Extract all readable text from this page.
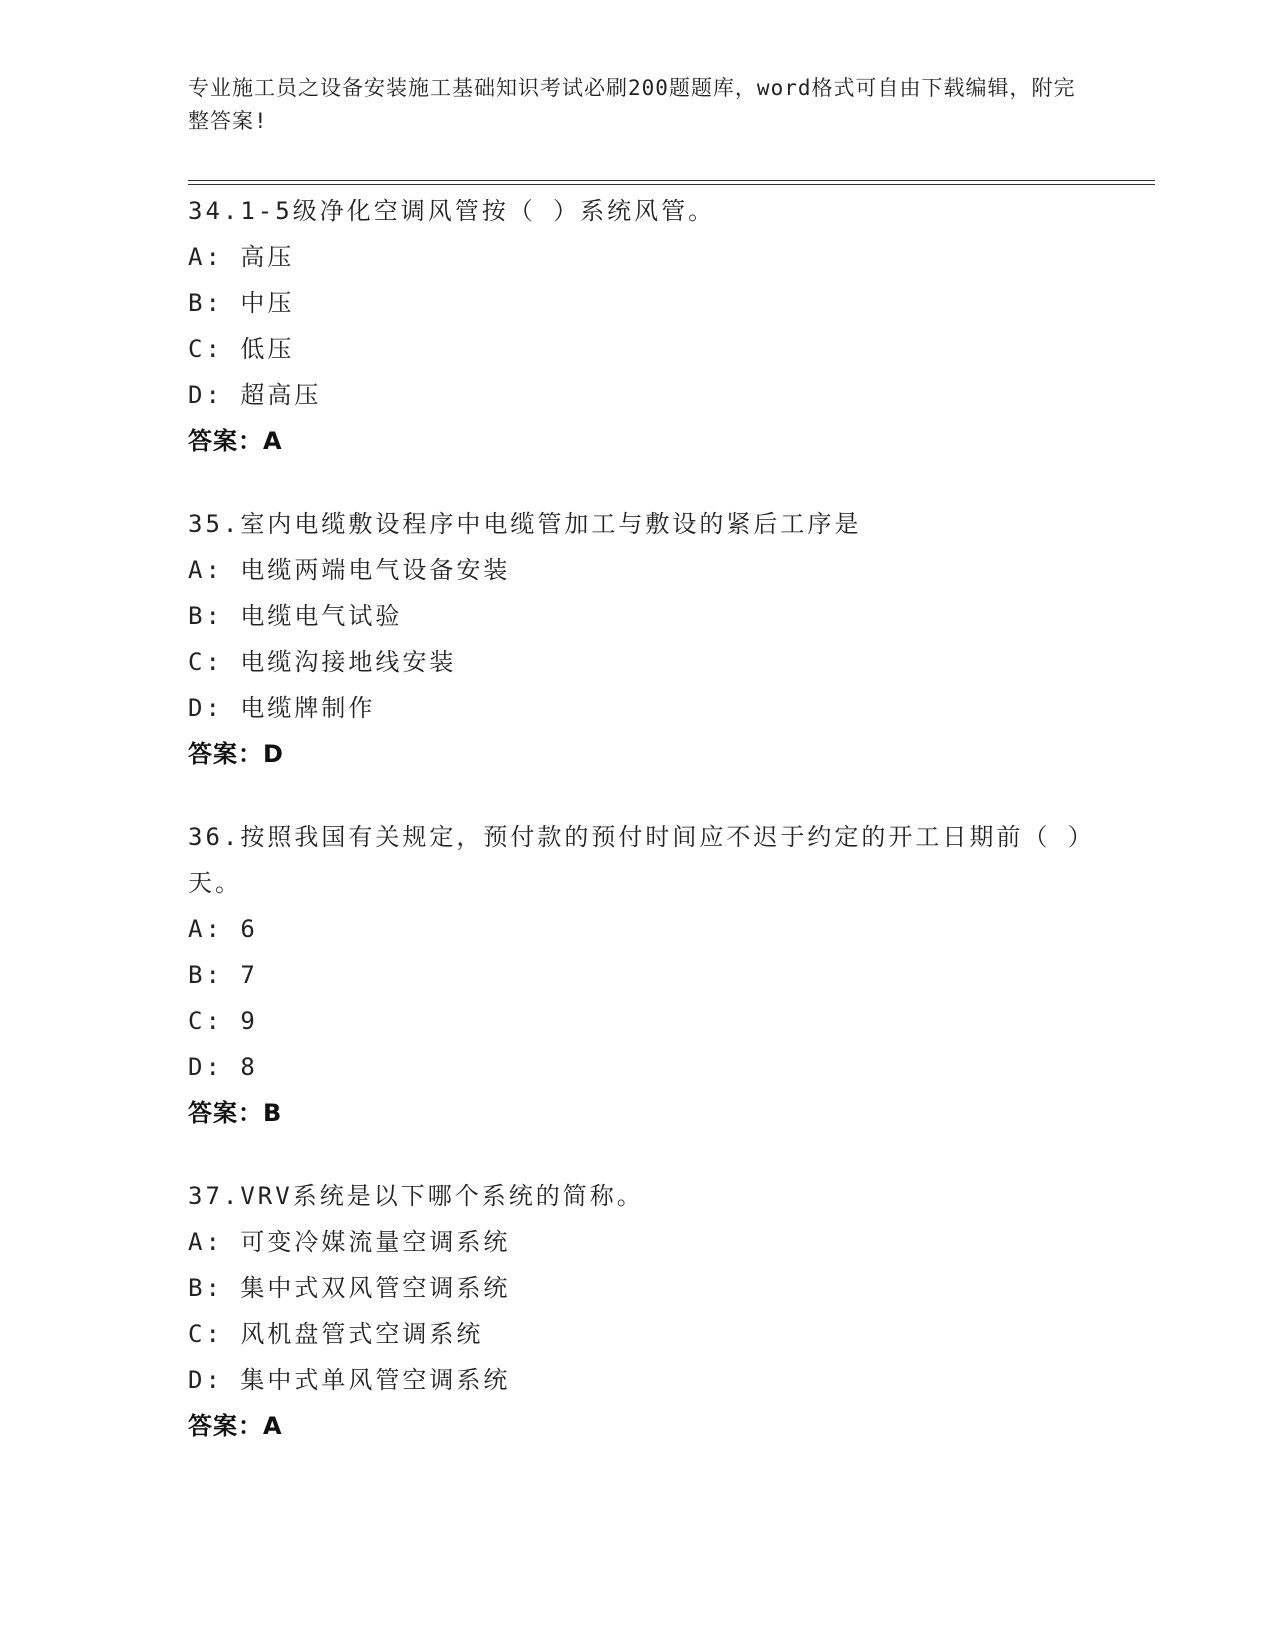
专业施工员之设备安装施工基础知识考试必刷200题题库，word格式可自由下载编辑，附完整答案!
34.1-5级净化空调风管按（ ）系统风管。
A: 高压
B: 中压
C: 低压
D: 超高压
答案：A
35.室内电缆敷设程序中电缆管加工与敷设的紧后工序是
A: 电缆两端电气设备安装
B: 电缆电气试验
C: 电缆沟接地线安装
D: 电缆牌制作
答案：D
36.按照我国有关规定，预付款的预付时间应不迟于约定的开工日期前（ ）天。
A: 6
B: 7
C: 9
D: 8
答案：B
37.VRV系统是以下哪个系统的简称。
A: 可变冷媒流量空调系统
B: 集中式双风管空调系统
C: 风机盘管式空调系统
D: 集中式单风管空调系统
答案：A
